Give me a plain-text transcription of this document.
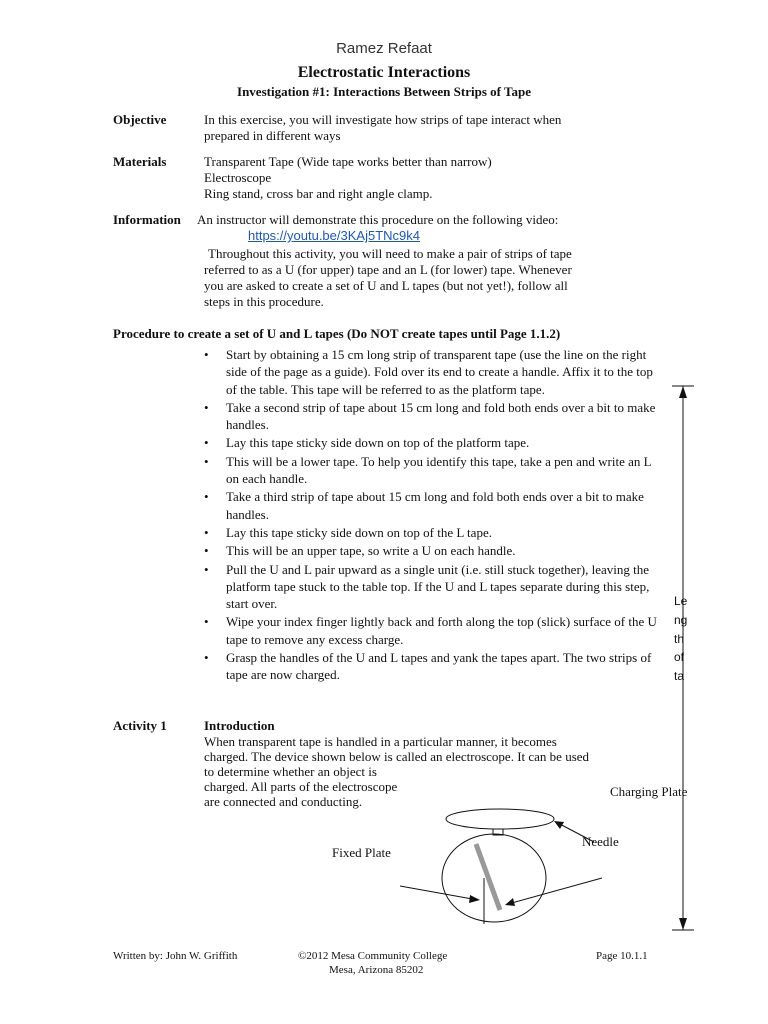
Ramez Refaat
Electrostatic Interactions
Investigation #1: Interactions Between Strips of Tape
Objective	In this exercise, you will investigate how strips of tape interact when
prepared in different ways
Materials	Transparent Tape (Wide tape works better than narrow)
Electroscope
Ring stand, cross bar and right angle clamp.
Information An instructor will demonstrate this procedure on the following video:
https://youtu.be/3KAj5TNc9k4
Throughout this activity, you will need to make a pair of strips of tape
referred to as a U (for upper) tape and an L (for lower) tape. Whenever
you are asked to create a set of U and L tapes (but not yet!), follow all
steps in this procedure.
Procedure to create a set of U and L tapes (Do NOT create tapes until Page 1.1.2)
• Start by obtaining a 15 cm long strip of transparent tape (use the line on the right side of the page as a guide). Fold over its end to create a handle. Affix it to the top of the table. This tape will be referred to as the platform tape.
• Take a second strip of tape about 15 cm long and fold both ends over a bit to make handles.
• Lay this tape sticky side down on top of the platform tape.
• This will be a lower tape. To help you identify this tape, take a pen and write an L on each handle.
• Take a third strip of tape about 15 cm long and fold both ends over a bit to make handles.
• Lay this tape sticky side down on top of the L tape.
• This will be an upper tape, so write a U on each handle.
• Pull the U and L pair upward as a single unit (i.e. still stuck together), leaving the platform tape stuck to the table top. If the U and L tapes separate during this step, start over.
• Wipe your index finger lightly back and forth along the top (slick) surface of the U tape to remove any excess charge.
• Grasp the handles of the U and L tapes and yank the tapes apart. The two strips of tape are now charged.
Le
ng
th
of
ta
Activity 1	Introduction
When transparent tape is handled in a particular manner, it becomes
charged. The device shown below is called an electroscope. It can be used
to determine whether an object is
charged. All parts of the electroscope
are connected and conducting.
Charging Plate
Needle
Fixed Plate
Written by: John W. Griffith	©2012 Mesa Community College
Mesa, Arizona 85202
Page 10.1.1
